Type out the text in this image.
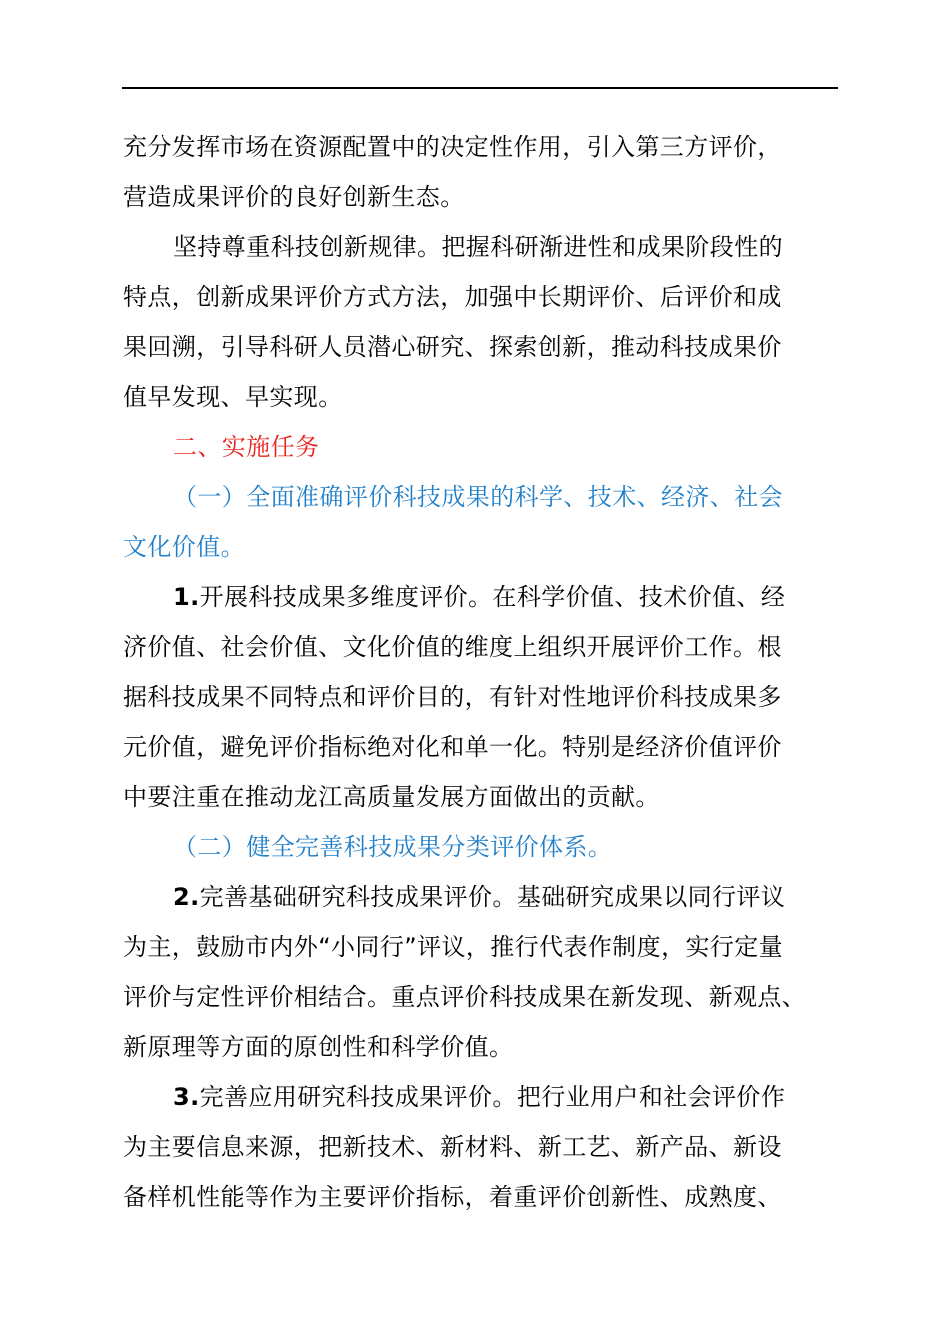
充分发挥市场在资源配置中的决定性作用，引入第三方评价，

营造成果评价的良好创新生态。

坚持尊重科技创新规律。把握科研渐进性和成果阶段性的

特点，创新成果评价方式方法，加强中长期评价、后评价和成

果回溯，引导科研人员潜心研究、探索创新，推动科技成果价

值早发现、早实现。

二、实施任务

（一）全面准确评价科技成果的科学、技术、经济、社会

文化价值。

1.开展科技成果多维度评价。在科学价值、技术价值、经

济价值、社会价值、文化价值的维度上组织开展评价工作。根

据科技成果不同特点和评价目的，有针对性地评价科技成果多

元价值，避免评价指标绝对化和单一化。特别是经济价值评价

中要注重在推动龙江高质量发展方面做出的贡献。

（二）健全完善科技成果分类评价体系。

2.完善基础研究科技成果评价。基础研究成果以同行评议

为主，鼓励市内外“小同行”评议，推行代表作制度，实行定量

评价与定性评价相结合。重点评价科技成果在新发现、新观点、

新原理等方面的原创性和科学价值。

3.完善应用研究科技成果评价。把行业用户和社会评价作

为主要信息来源，把新技术、新材料、新工艺、新产品、新设

备样机性能等作为主要评价指标，着重评价创新性、成熟度、
